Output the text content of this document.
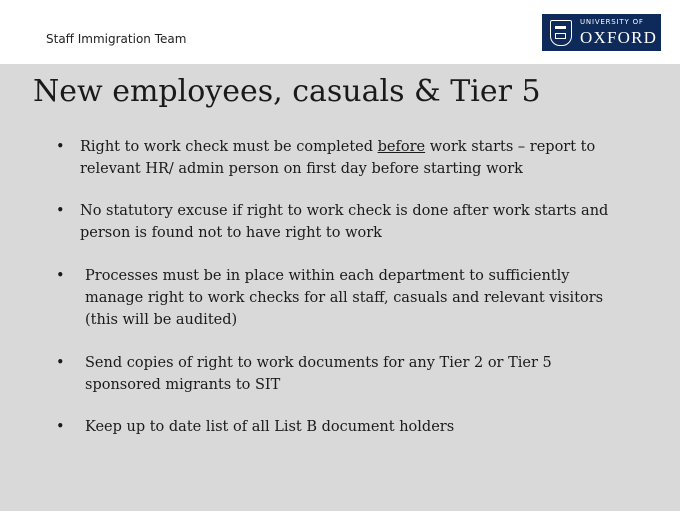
Staff Immigration Team
UNIVERSITY OF
OXFORD
New employees, casuals & Tier 5
•	Right to work check must be completed before work starts – report to relevant HR/ admin person on first day before starting work
•	No statutory excuse if right to work check is done after work starts and person is found not to have right to work
•	Processes must be in place within each department to sufficiently manage right to work checks for all staff, casuals and relevant visitors (this will be audited)
•	Send copies of right to work documents for any Tier 2 or Tier 5 sponsored migrants to SIT
•	Keep up to date list of all List B document holders
